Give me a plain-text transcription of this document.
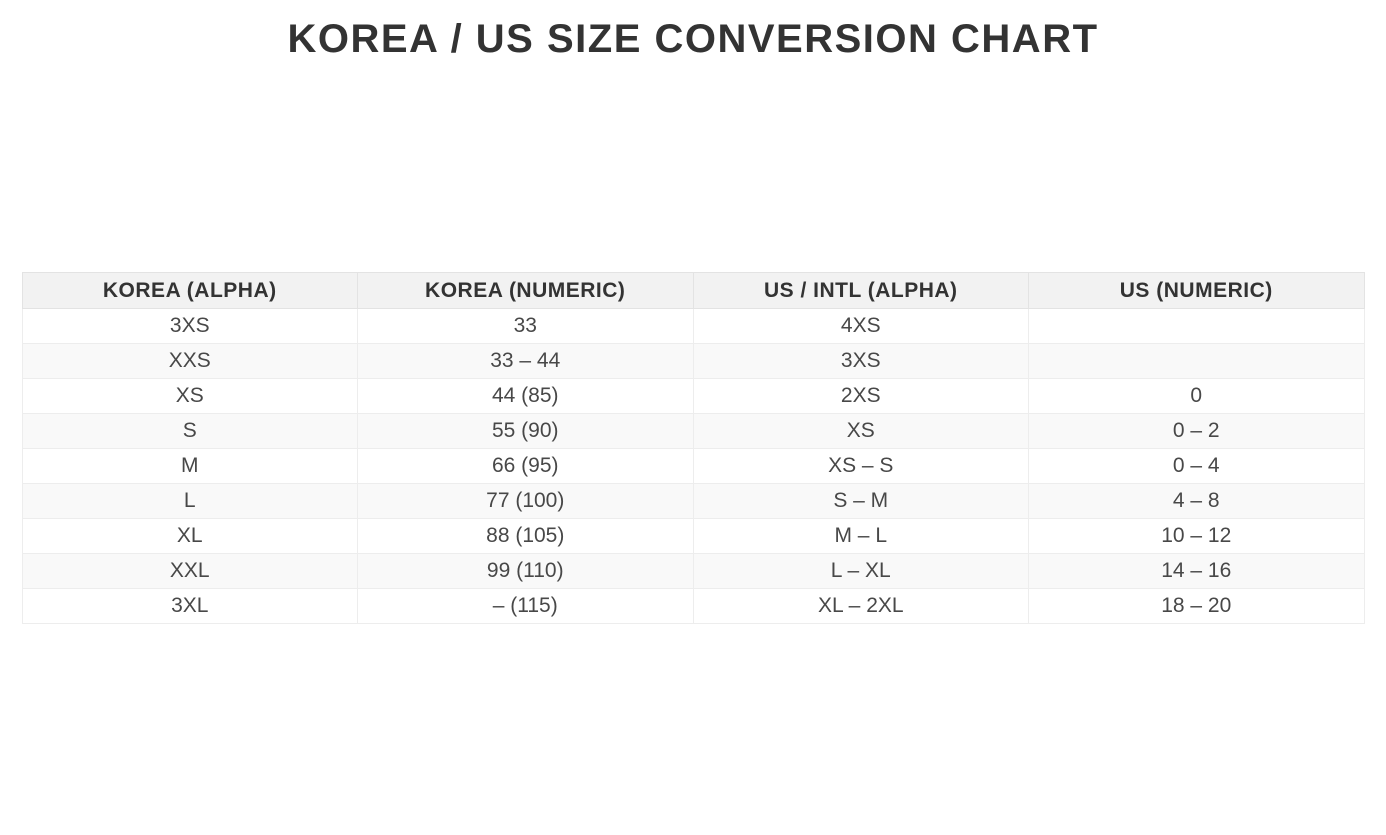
KOREA / US SIZE CONVERSION CHART
KOREA (ALPHA)	KOREA (NUMERIC)	US / INTL (ALPHA)	US (NUMERIC)
3XS	33	4XS	
XXS	33 – 44	3XS	
XS	44 (85)	2XS	0
S	55 (90)	XS	0 – 2
M	66 (95)	XS – S	0 – 4
L	77 (100)	S – M	4 – 8
XL	88 (105)	M – L	10 – 12
XXL	99 (110)	L – XL	14 – 16
3XL	– (115)	XL – 2XL	18 – 20
